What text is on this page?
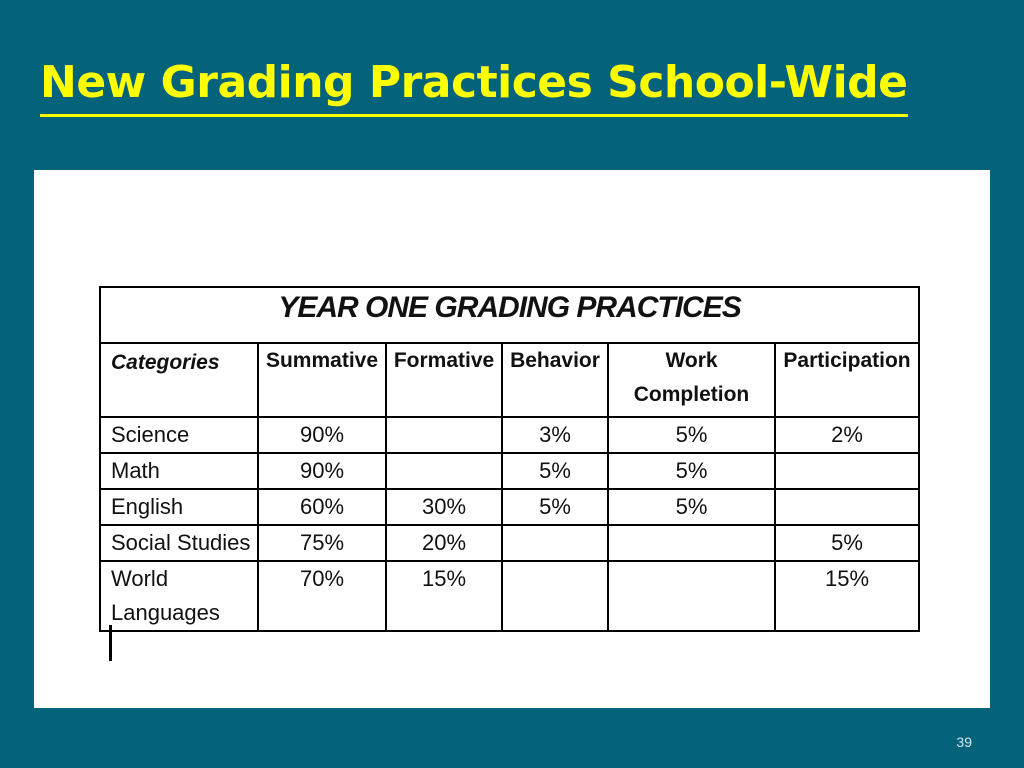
New Grading Practices School-Wide
YEAR ONE GRADING PRACTICES					
Categories	Summative	Formative	Behavior	Work Completion	Participation
Science	90%		3%	5%	2%
Math	90%		5%	5%	
English	60%	30%	5%	5%	
Social Studies	75%	20%			5%
World Languages	70%	15%			15%
39
